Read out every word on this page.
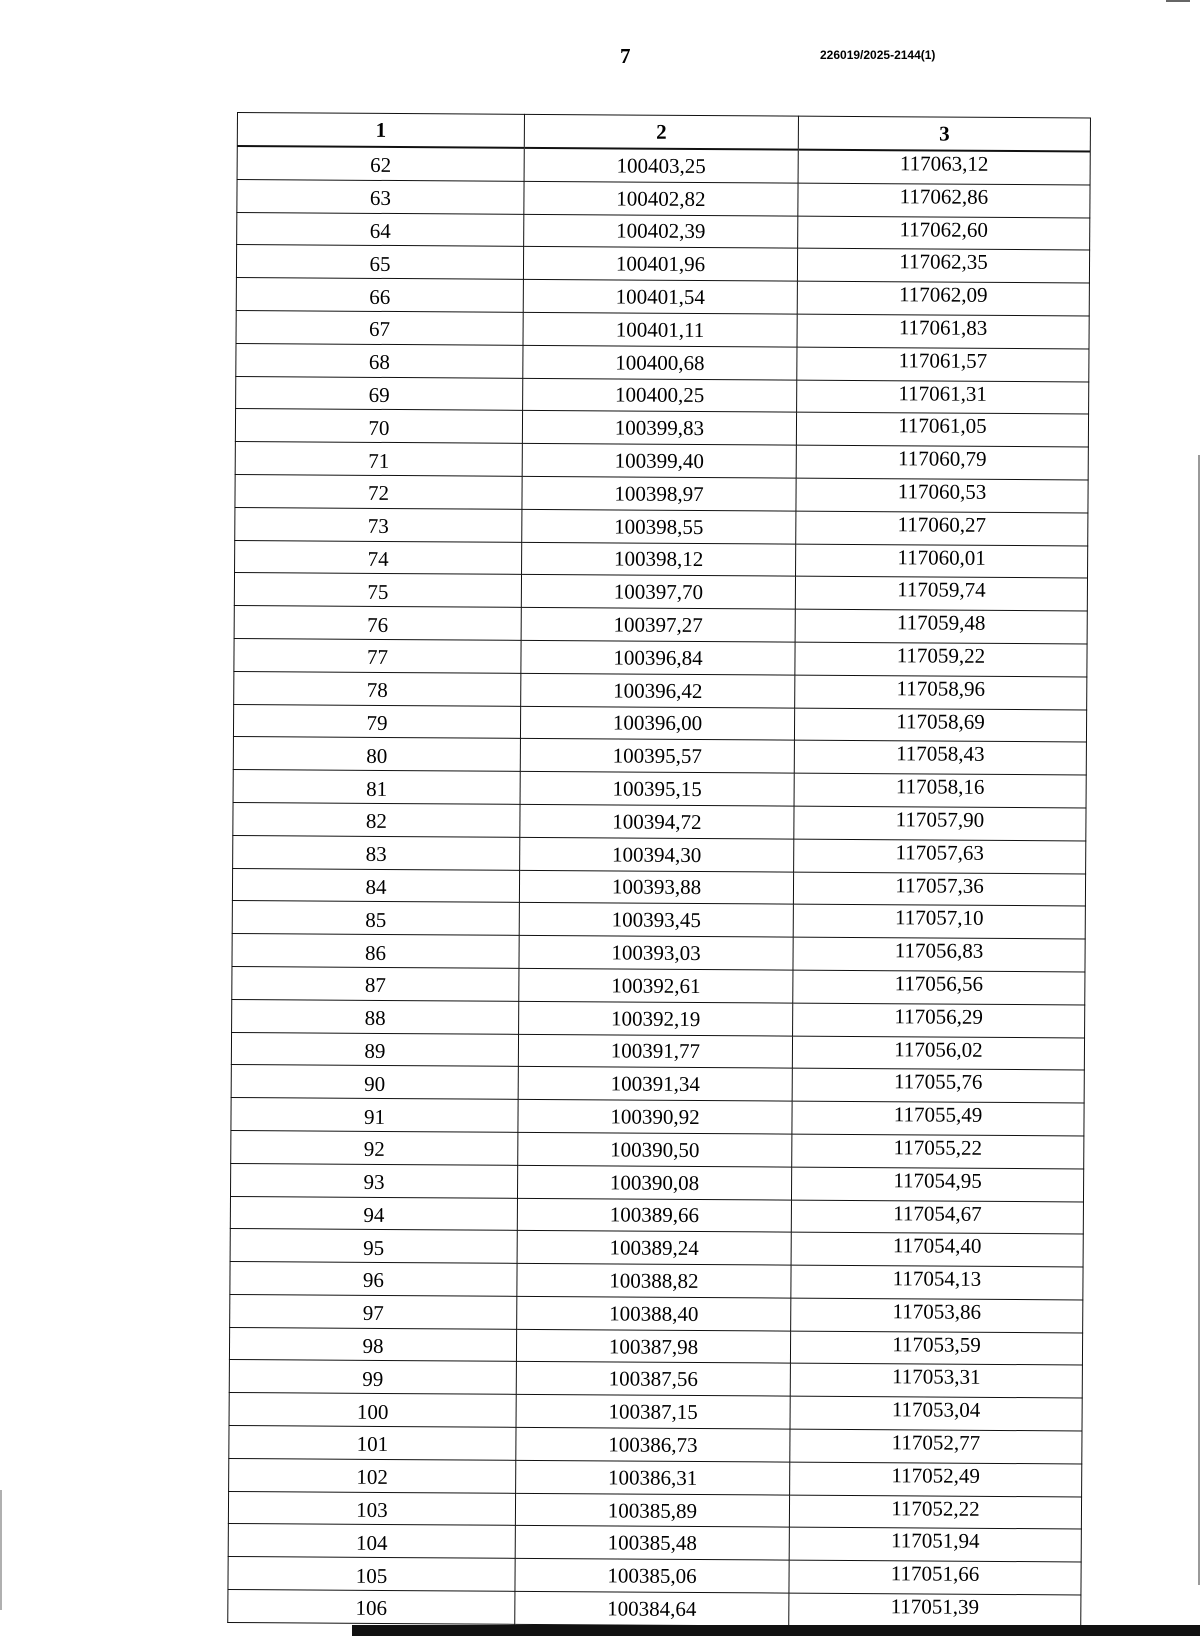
7	226019/2025-2144(1)
1	2	3
62	100403,25	117063,12
63	100402,82	117062,86
64	100402,39	117062,60
65	100401,96	117062,35
66	100401,54	117062,09
67	100401,11	117061,83
68	100400,68	117061,57
69	100400,25	117061,31
70	100399,83	117061,05
71	100399,40	117060,79
72	100398,97	117060,53
73	100398,55	117060,27
74	100398,12	117060,01
75	100397,70	117059,74
76	100397,27	117059,48
77	100396,84	117059,22
78	100396,42	117058,96
79	100396,00	117058,69
80	100395,57	117058,43
81	100395,15	117058,16
82	100394,72	117057,90
83	100394,30	117057,63
84	100393,88	117057,36
85	100393,45	117057,10
86	100393,03	117056,83
87	100392,61	117056,56
88	100392,19	117056,29
89	100391,77	117056,02
90	100391,34	117055,76
91	100390,92	117055,49
92	100390,50	117055,22
93	100390,08	117054,95
94	100389,66	117054,67
95	100389,24	117054,40
96	100388,82	117054,13
97	100388,40	117053,86
98	100387,98	117053,59
99	100387,56	117053,31
100	100387,15	117053,04
101	100386,73	117052,77
102	100386,31	117052,49
103	100385,89	117052,22
104	100385,48	117051,94
105	100385,06	117051,66
106	100384,64	117051,39
